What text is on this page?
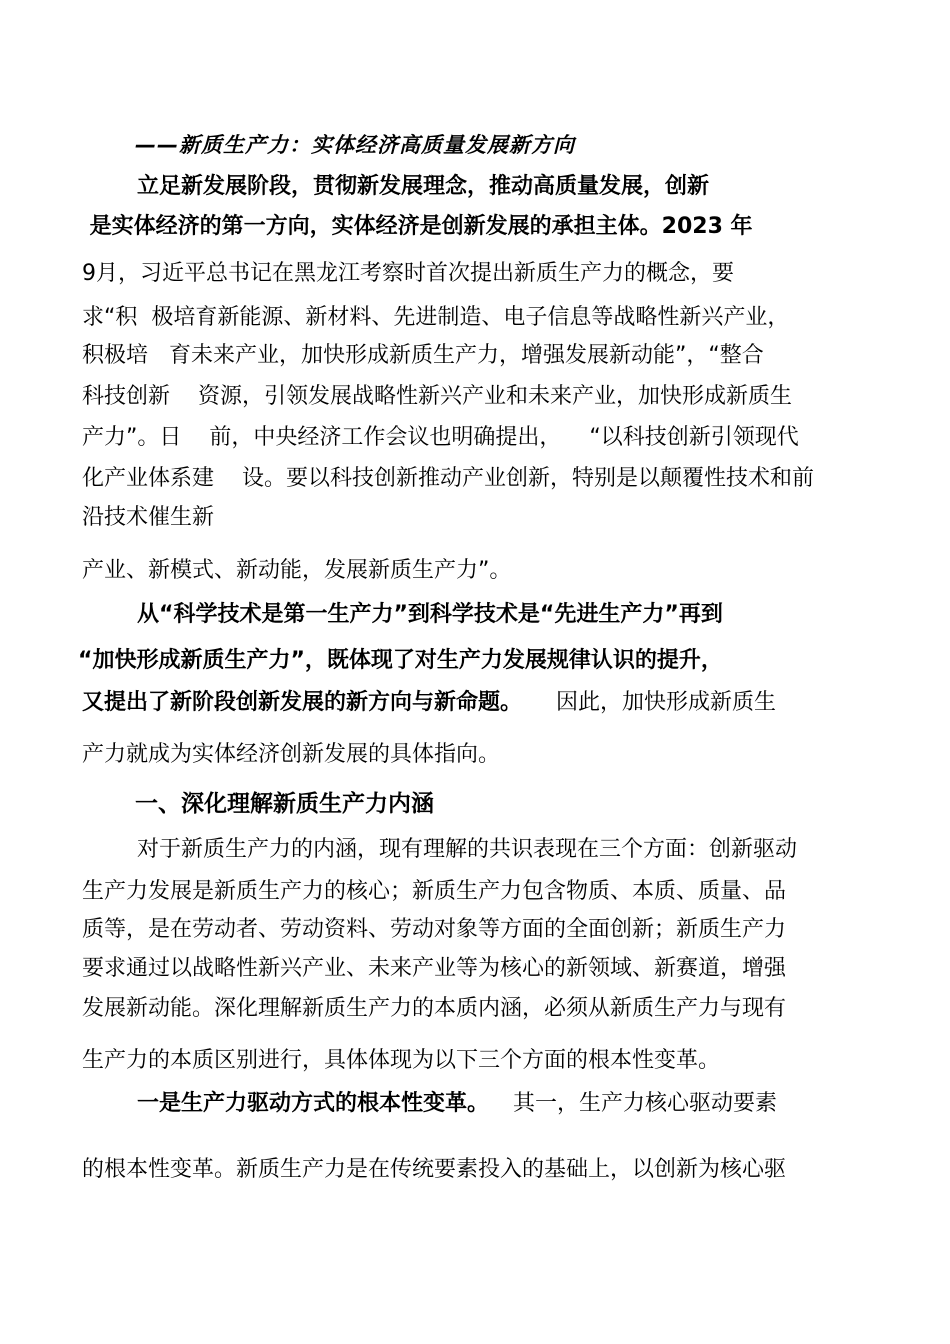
——新质生产力：实体经济高质量发展新方向
立足新发展阶段，贯彻新发展理念，推动高质量发展，创新
是实体经济的第一方向，实体经济是创新发展的承担主体。2023 年
9月，习近平总书记在黑龙江考察时首次提出新质生产力的概念，要
求“积  极培育新能源、新材料、先进制造、电子信息等战略性新兴产业，
积极培   育未来产业，加快形成新质生产力，增强发展新动能”，“整合
科技创新    资源，引领发展战略性新兴产业和未来产业，加快形成新质生
产力”。日    前，中央经济工作会议也明确提出，    “以科技创新引领现代
化产业体系建    设。要以科技创新推动产业创新，特别是以颠覆性技术和前
沿技术催生新
产业、新模式、新动能，发展新质生产力”。
从“科学技术是第一生产力”到科学技术是“先进生产力”再到
“加快形成新质生产力”，既体现了对生产力发展规律认识的提升，
又提出了新阶段创新发展的新方向与新命题。 因此，加快形成新质生
产力就成为实体经济创新发展的具体指向。
一、深化理解新质生产力内涵
对于新质生产力的内涵，现有理解的共识表现在三个方面：创新驱动
生产力发展是新质生产力的核心；新质生产力包含物质、本质、质量、品
质等，是在劳动者、劳动资料、劳动对象等方面的全面创新；新质生产力
要求通过以战略性新兴产业、未来产业等为核心的新领域、新赛道，增强
发展新动能。深化理解新质生产力的本质内涵，必须从新质生产力与现有
生产力的本质区别进行，具体体现为以下三个方面的根本性变革。
一是生产力驱动方式的根本性变革。 其一，生产力核心驱动要素
的根本性变革。新质生产力是在传统要素投入的基础上，以创新为核心驱
